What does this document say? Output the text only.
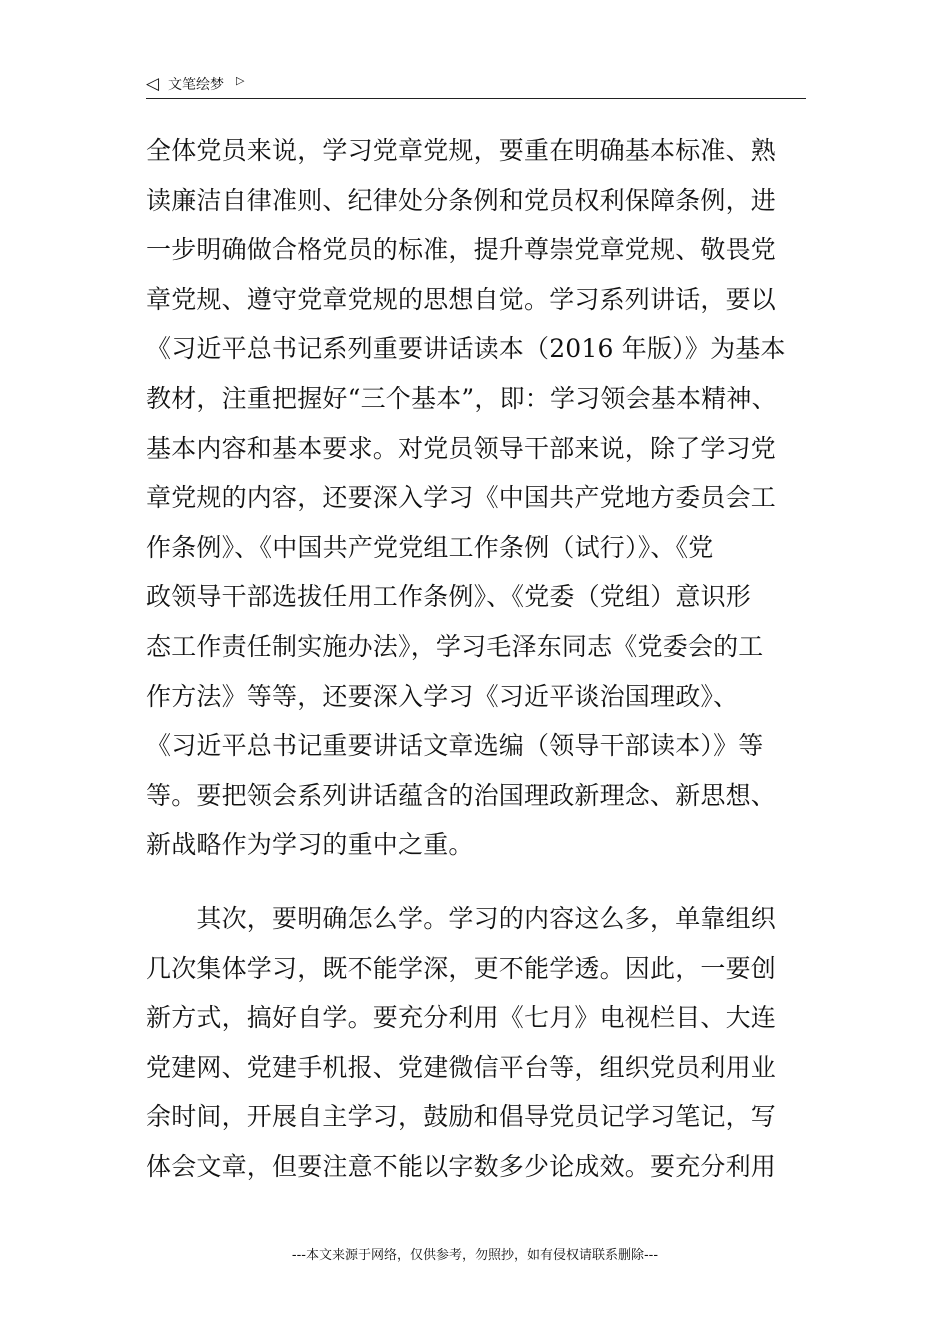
◁ 文笔绘梦 ▷
全体党员来说，学习党章党规，要重在明确基本标准、熟
读廉洁自律准则、纪律处分条例和党员权利保障条例，进
一步明确做合格党员的标准，提升尊崇党章党规、敬畏党
章党规、遵守党章党规的思想自觉。学习系列讲话，要以
《习近平总书记系列重要讲话读本（2016 年版）》为基本
教材，注重把握好“三个基本”，即：学习领会基本精神、
基本内容和基本要求。对党员领导干部来说，除了学习党
章党规的内容，还要深入学习《中国共产党地方委员会工
作条例》、《中国共产党党组工作条例（试行）》、《党
政领导干部选拔任用工作条例》、《党委（党组）意识形
态工作责任制实施办法》，学习毛泽东同志《党委会的工
作方法》等等，还要深入学习《习近平谈治国理政》、
《习近平总书记重要讲话文章选编（领导干部读本）》等
等。要把领会系列讲话蕴含的治国理政新理念、新思想、
新战略作为学习的重中之重。
　　其次，要明确怎么学。学习的内容这么多，单靠组织
几次集体学习，既不能学深，更不能学透。因此，一要创
新方式，搞好自学。要充分利用《七月》电视栏目、大连
党建网、党建手机报、党建微信平台等，组织党员利用业
余时间，开展自主学习，鼓励和倡导党员记学习笔记，写
体会文章，但要注意不能以字数多少论成效。要充分利用
---本文来源于网络，仅供参考，勿照抄，如有侵权请联系删除---
